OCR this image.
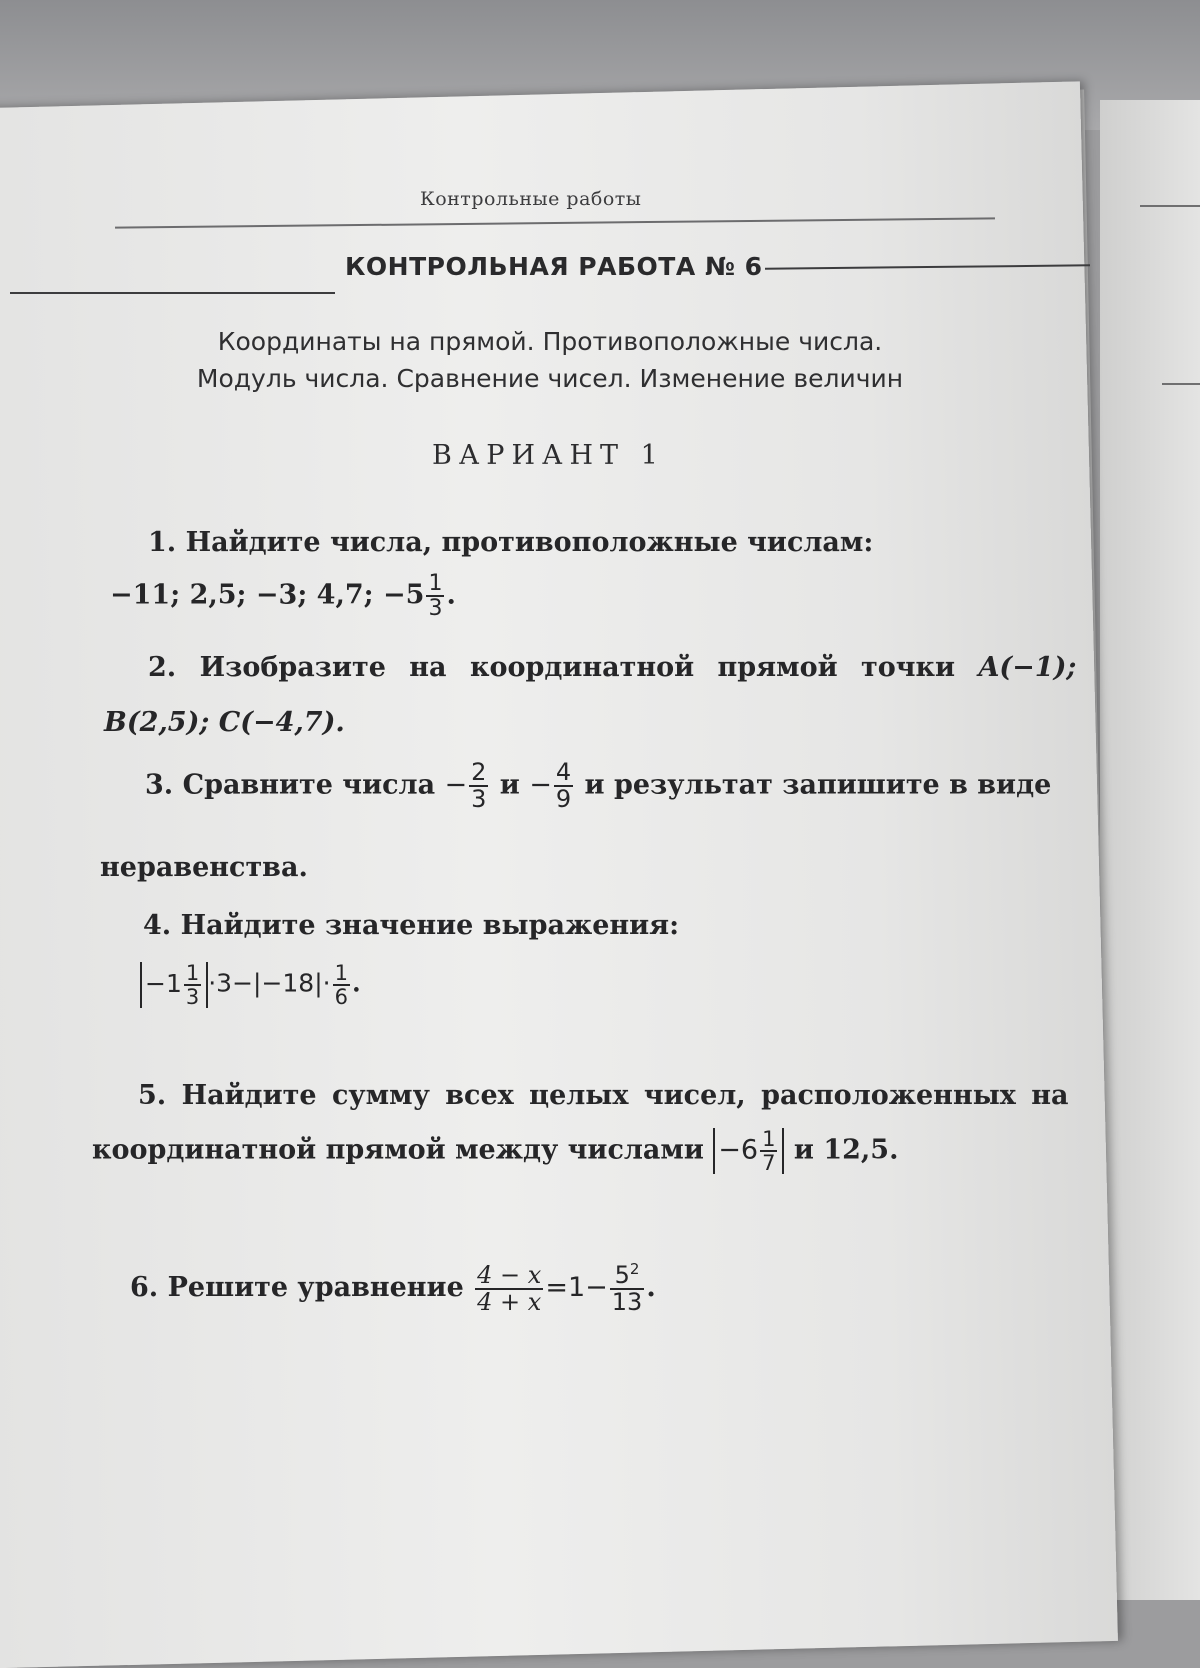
Контрольные работы
КОНТРОЛЬНАЯ РАБОТА № 6
Координаты на прямой. Противоположные числа.
Модуль числа. Сравнение чисел. Изменение величин
ВАРИАНТ 1
1. Найдите числа, противоположные числам:
−11; 2,5; −3; 4,7; $-5 \frac{1}{3}$ .
2. Изобразите на координатной прямой точки A(−1);
B(2,5); C(−4,7).
3. Сравните числа − $\frac{2}{3}$ $и - \frac{4}{9}$ и результат запишите в виде
неравенства.
4. Найдите значение выражения:
$-1 \frac{1}{3} \cdot 3-|-18|\cdot \frac{1}{6}$ .
5. Найдите сумму всех целых чисел, расположенных на
координатной прямой между числами $-6 \frac{1}{7}$ и 12,5.
6. Решите уравнение $\frac{4 - x}{4 + x} =1- \frac{5^2}{13}$ .
